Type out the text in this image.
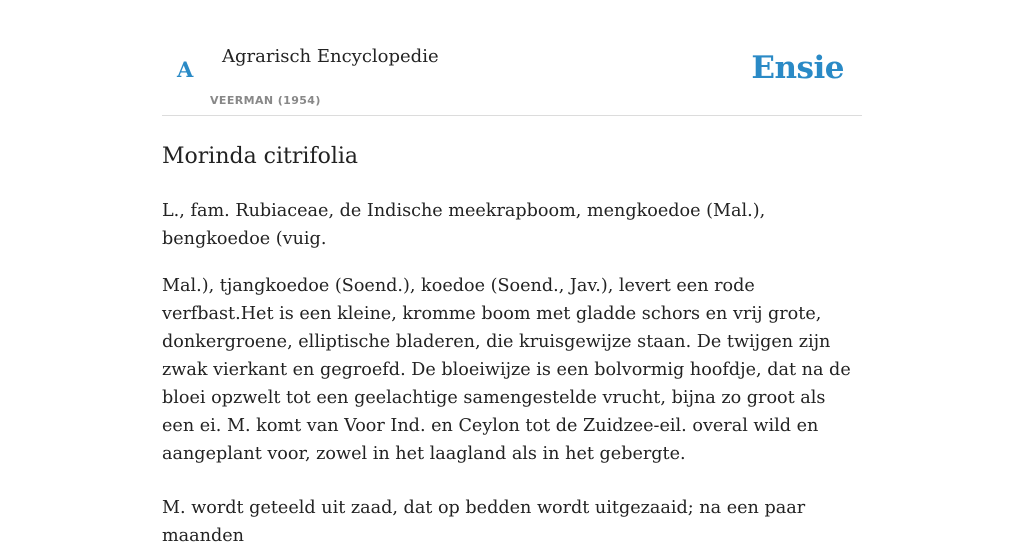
A
Agrarisch Encyclopedie
VEERMAN (1954)
Ensie
Morinda citrifolia

L., fam. Rubiaceae, de Indische meekrapboom, mengkoedoe (Mal.), bengkoedoe (vuig.

Mal.), tjangkoedoe (Soend.), koedoe (Soend., Jav.), levert een rode verfbast.Het is een kleine, kromme boom met gladde schors en vrij grote, donkergroene, elliptische bladeren, die kruisgewijze staan. De twijgen zijn zwak vierkant en gegroefd. De bloeiwijze is een bolvormig hoofdje, dat na de bloei opzwelt tot een geelachtige samengestelde vrucht, bijna zo groot als een ei. M. komt van Voor Ind. en Ceylon tot de Zuidzee-eil. overal wild en aangeplant voor, zowel in het laagland als in het gebergte.

M. wordt geteeld uit zaad, dat op bedden wordt uitgezaaid; na een paar maanden
